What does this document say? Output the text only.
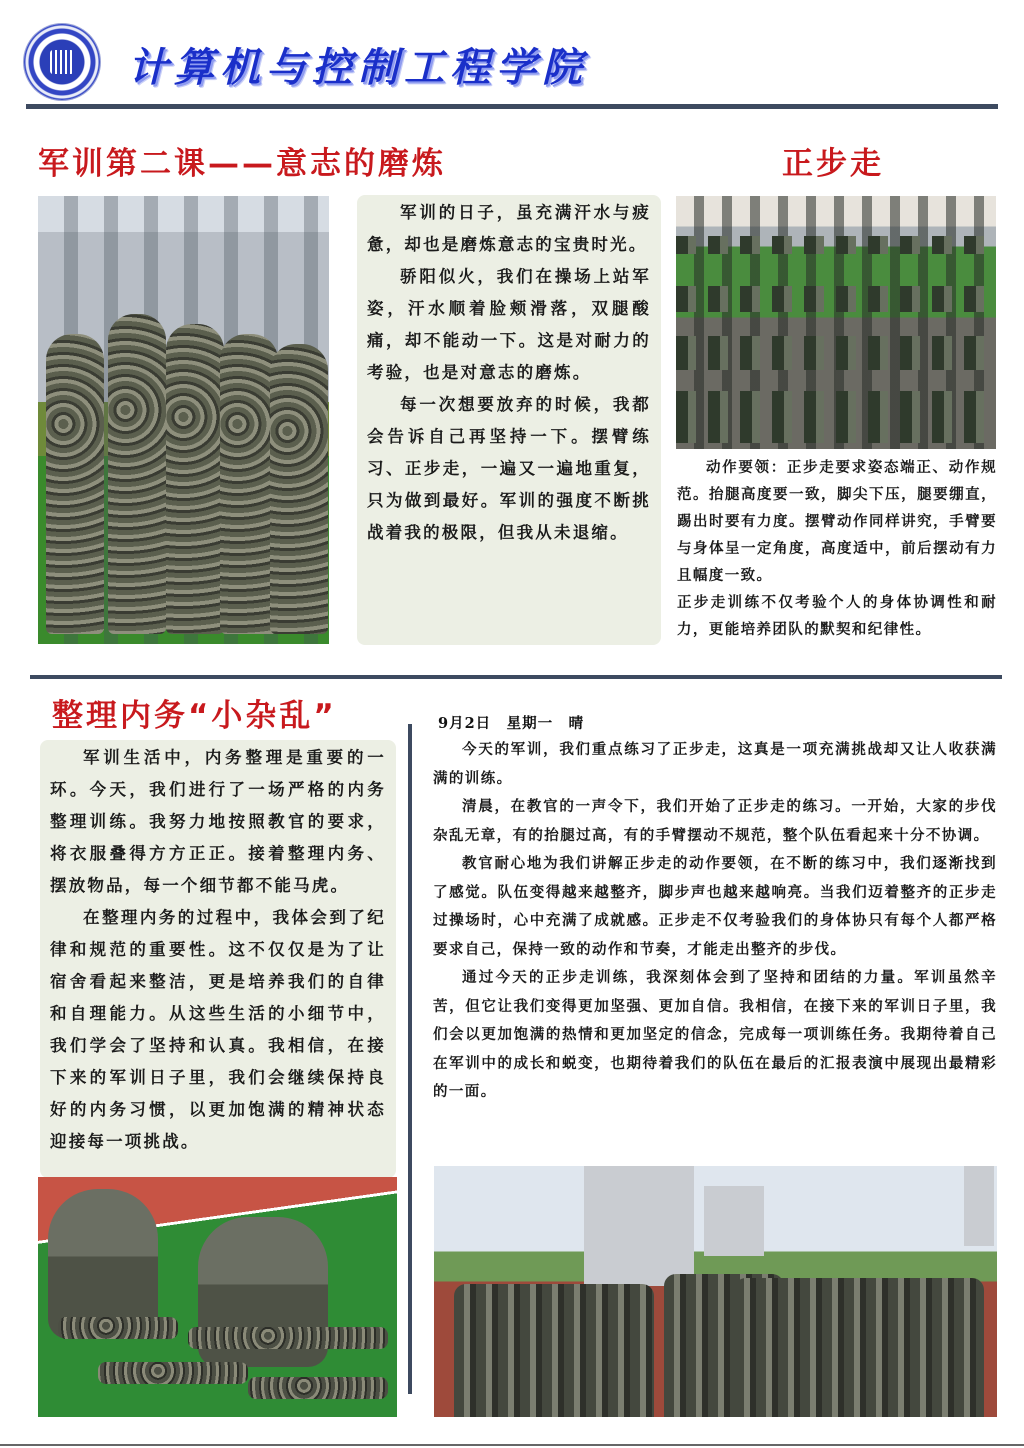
计算机与控制工程学院
军训第二课——意志的磨炼

军训的日子，虽充满汗水与疲惫，却也是磨炼意志的宝贵时光。

骄阳似火，我们在操场上站军姿，汗水顺着脸颊滑落，双腿酸痛，却不能动一下。这是对耐力的考验，也是对意志的磨炼。

每一次想要放弃的时候，我都会告诉自己再坚持一下。摆臂练习、正步走，一遍又一遍地重复，只为做到最好。军训的强度不断挑战着我的极限，但我从未退缩。

正步走

动作要领：正步走要求姿态端正、动作规范。抬腿高度要一致，脚尖下压，腿要绷直，踢出时要有力度。摆臂动作同样讲究，手臂要与身体呈一定角度，高度适中，前后摆动有力且幅度一致。

正步走训练不仅考验个人的身体协调性和耐力，更能培养团队的默契和纪律性。
整理内务“小杂乱”

军训生活中，内务整理是重要的一环。今天，我们进行了一场严格的内务整理训练。我努力地按照教官的要求，将衣服叠得方方正正。接着整理内务、摆放物品，每一个细节都不能马虎。

在整理内务的过程中，我体会到了纪律和规范的重要性。这不仅仅是为了让宿舍看起来整洁，更是培养我们的自律和自理能力。从这些生活的小细节中，我们学会了坚持和认真。我相信，在接下来的军训日子里，我们会继续保持良好的内务习惯，以更加饱满的精神状态迎接每一项挑战。

9月2日　星期一　晴

今天的军训，我们重点练习了正步走，这真是一项充满挑战却又让人收获满满的训练。

清晨，在教官的一声令下，我们开始了正步走的练习。一开始，大家的步伐杂乱无章，有的抬腿过高，有的手臂摆动不规范，整个队伍看起来十分不协调。

教官耐心地为我们讲解正步走的动作要领，在不断的练习中，我们逐渐找到了感觉。队伍变得越来越整齐，脚步声也越来越响亮。当我们迈着整齐的正步走过操场时，心中充满了成就感。正步走不仅考验我们的身体协只有每个人都严格要求自己，保持一致的动作和节奏，才能走出整齐的步伐。

通过今天的正步走训练，我深刻体会到了坚持和团结的力量。军训虽然辛苦，但它让我们变得更加坚强、更加自信。我相信，在接下来的军训日子里，我们会以更加饱满的热情和更加坚定的信念，完成每一项训练任务。我期待着自己在军训中的成长和蜕变，也期待着我们的队伍在最后的汇报表演中展现出最精彩的一面。
